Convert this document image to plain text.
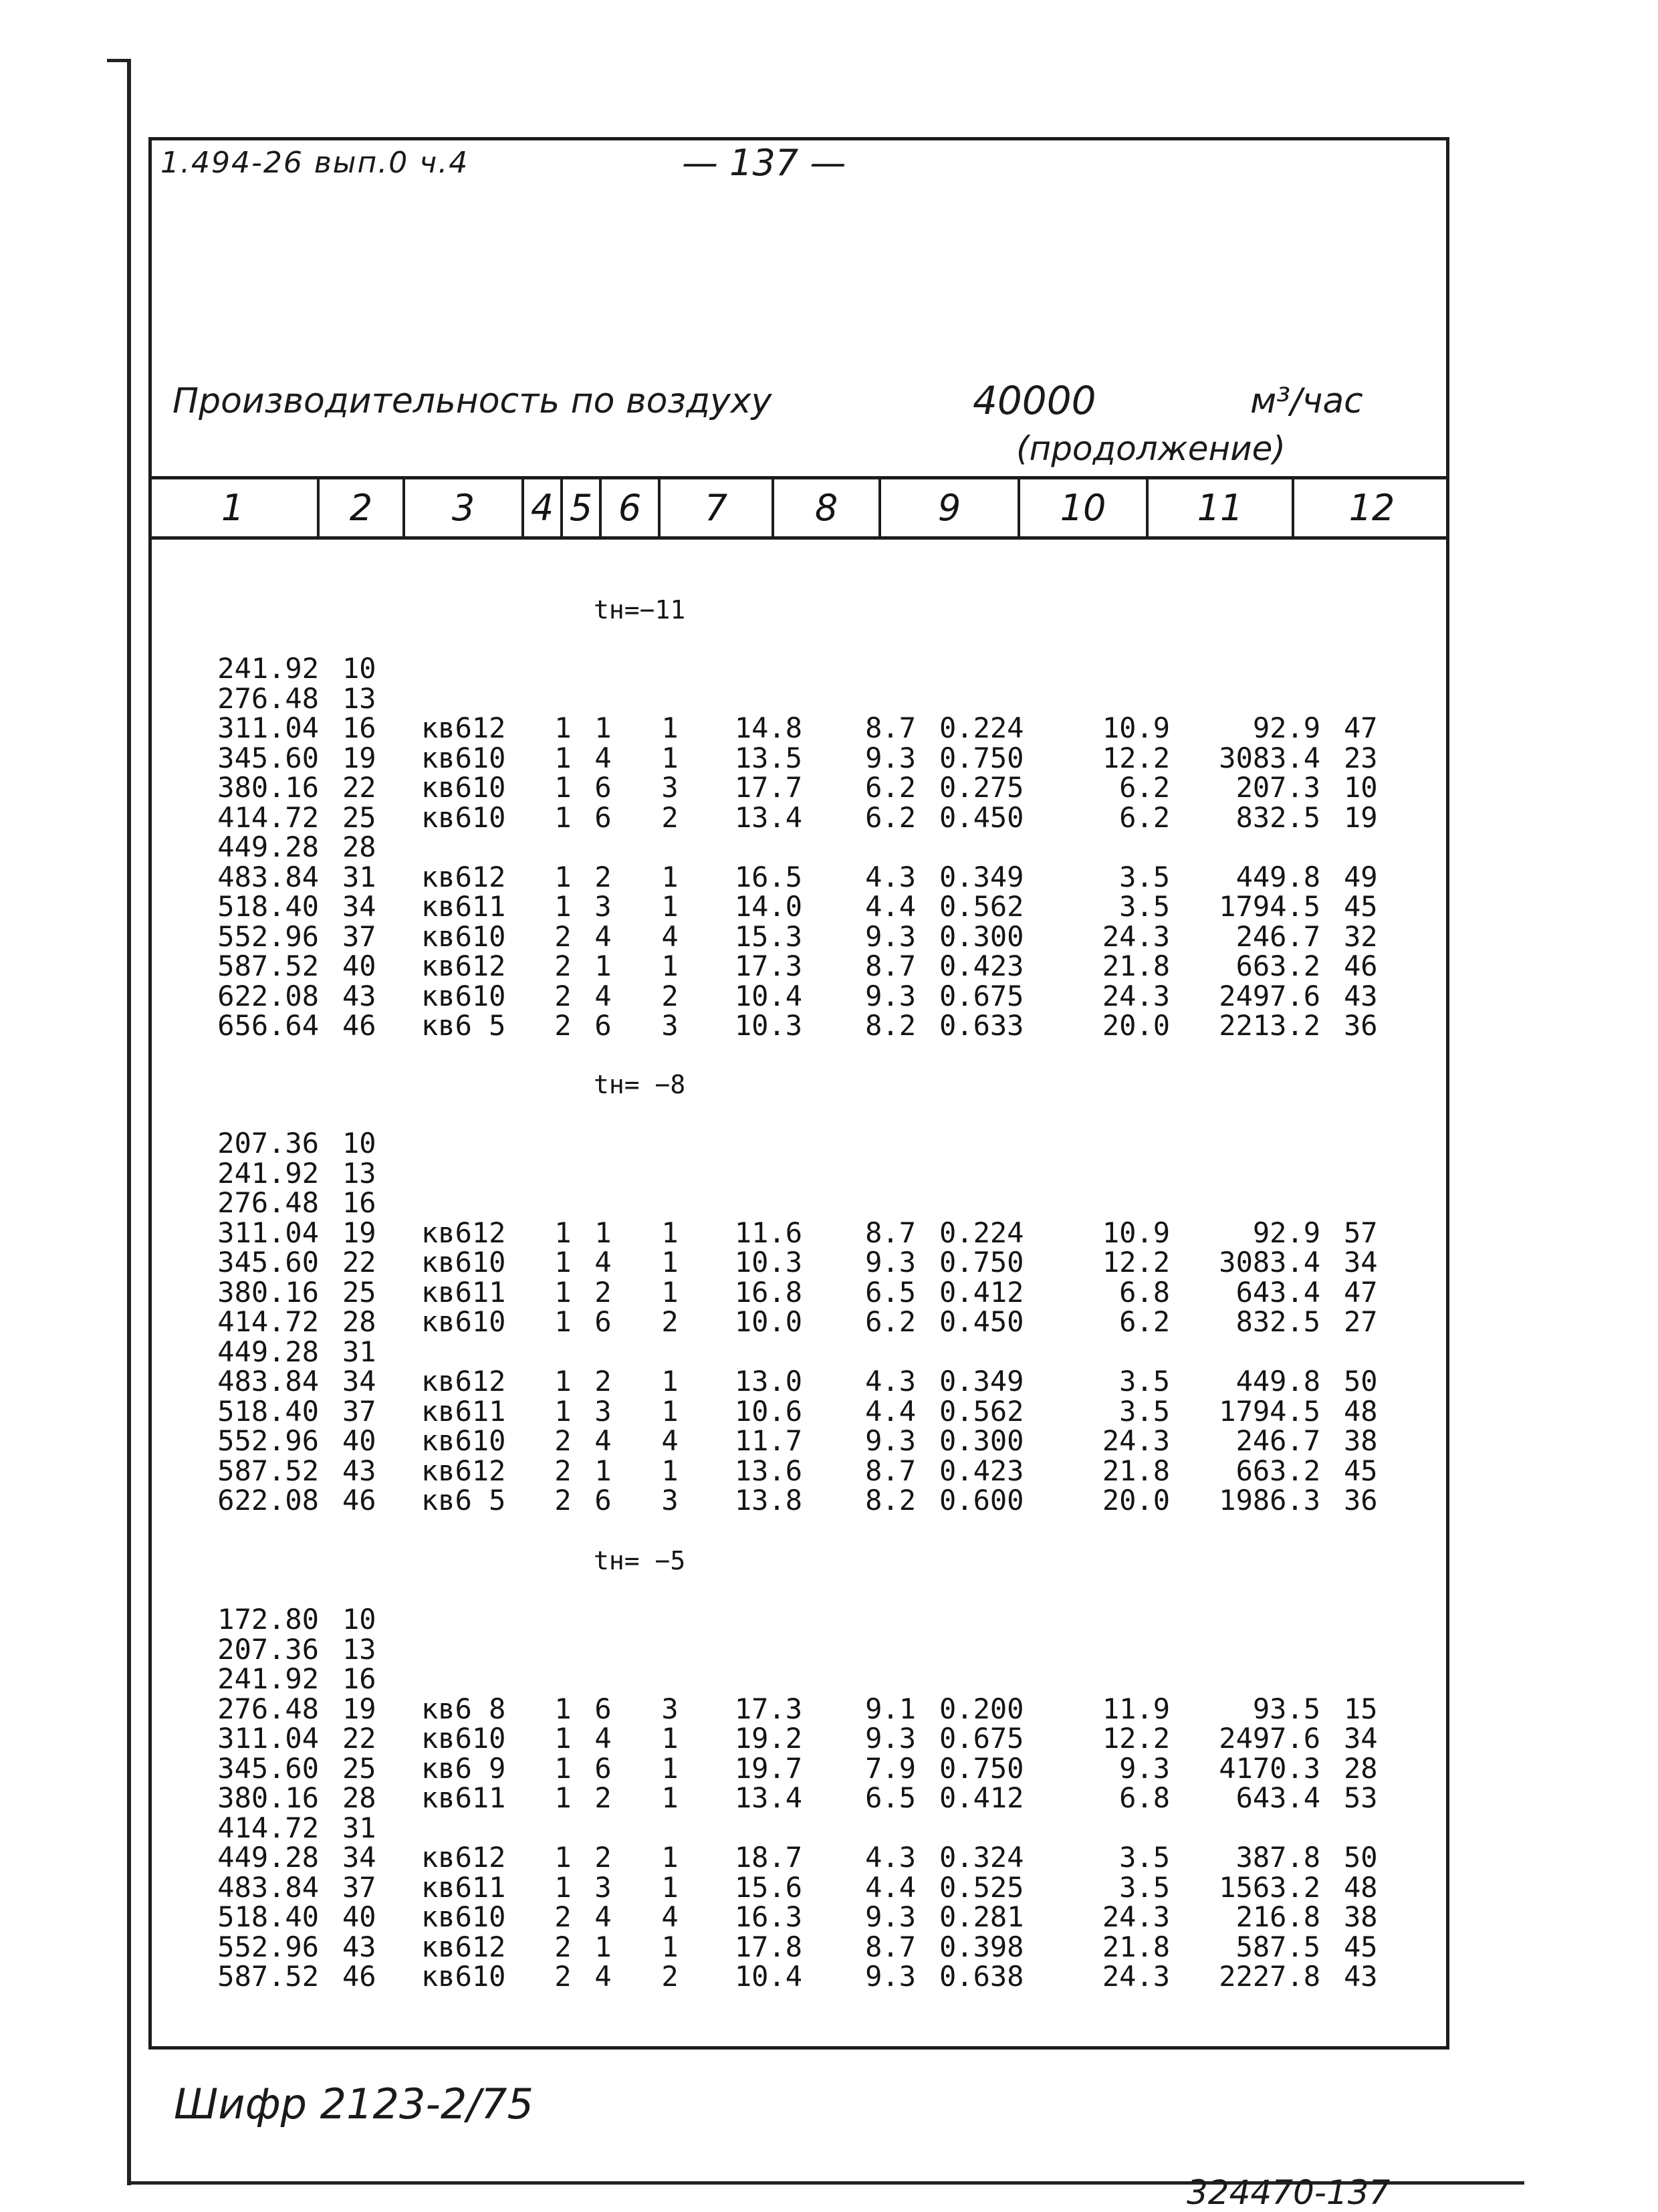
1.494-26 вып.0 ч.4	— 137 —
Производительность по воздуху	40000	м³/час
(продолжение)
1	2	3	4 5 6	7	8	9	10	11	12
tн=−11
241.92 10
276.48 13
311.04 16 кв612 1 1 1	14.8	8.7 0.224	10.9	92.9 47
345.60 19 кв610 1 4 1	13.5	9.3 0.750	12.2	3083.4 23
380.16 22 кв610 1 6 3	17.7	6.2 0.275	6.2	207.3 10
414.72 25 кв610 1 6 2	13.4	6.2 0.450	6.2	832.5 19
449.28 28
483.84 31 кв612 1 2 1	16.5	4.3 0.349	3.5	449.8 49
518.40 34 кв611 1 3 1	14.0	4.4 0.562	3.5	1794.5 45
552.96 37 кв610 2 4 4	15.3	9.3 0.300	24.3	246.7 32
587.52 40 кв612 2 1 1	17.3	8.7 0.423	21.8	663.2 46
622.08 43 кв610 2 4 2	10.4	9.3 0.675	24.3	2497.6 43
656.64 46 кв6 5 2 6 3	10.3	8.2 0.633	20.0	2213.2 36
tн= −8
207.36 10
241.92 13
276.48 16
311.04 19 кв612 1 1 1	11.6	8.7 0.224	10.9	92.9 57
345.60 22 кв610 1 4 1	10.3	9.3 0.750	12.2	3083.4 34
380.16 25 кв611 1 2 1	16.8	6.5 0.412	6.8	643.4 47
414.72 28 кв610 1 6 2	10.0	6.2 0.450	6.2	832.5 27
449.28 31
483.84 34 кв612 1 2 1	13.0	4.3 0.349	3.5	449.8 50
518.40 37 кв611 1 3 1	10.6	4.4 0.562	3.5	1794.5 48
552.96 40 кв610 2 4 4	11.7	9.3 0.300	24.3	246.7 38
587.52 43 кв612 2 1 1	13.6	8.7 0.423	21.8	663.2 45
622.08 46 кв6 5 2 6 3	13.8	8.2 0.600	20.0	1986.3 36
tн= −5
172.80 10
207.36 13
241.92 16
276.48 19 кв6 8 1 6 3	17.3	9.1 0.200	11.9	93.5 15
311.04 22 кв610 1 4 1	19.2	9.3 0.675	12.2	2497.6 34
345.60 25 кв6 9 1 6 1	19.7	7.9 0.750	9.3	4170.3 28
380.16 28 кв611 1 2 1	13.4	6.5 0.412	6.8	643.4 53
414.72 31
449.28 34 кв612 1 2 1	18.7	4.3 0.324	3.5	387.8 50
483.84 37 кв611 1 3 1	15.6	4.4 0.525	3.5	1563.2 48
518.40 40 кв610 2 4 4	16.3	9.3 0.281	24.3	216.8 38
552.96 43 кв612 2 1 1	17.8	8.7 0.398	21.8	587.5 45
587.52 46 кв610 2 4 2	10.4	9.3 0.638	24.3	2227.8 43
Шифр 2123-2/75
324470-137
